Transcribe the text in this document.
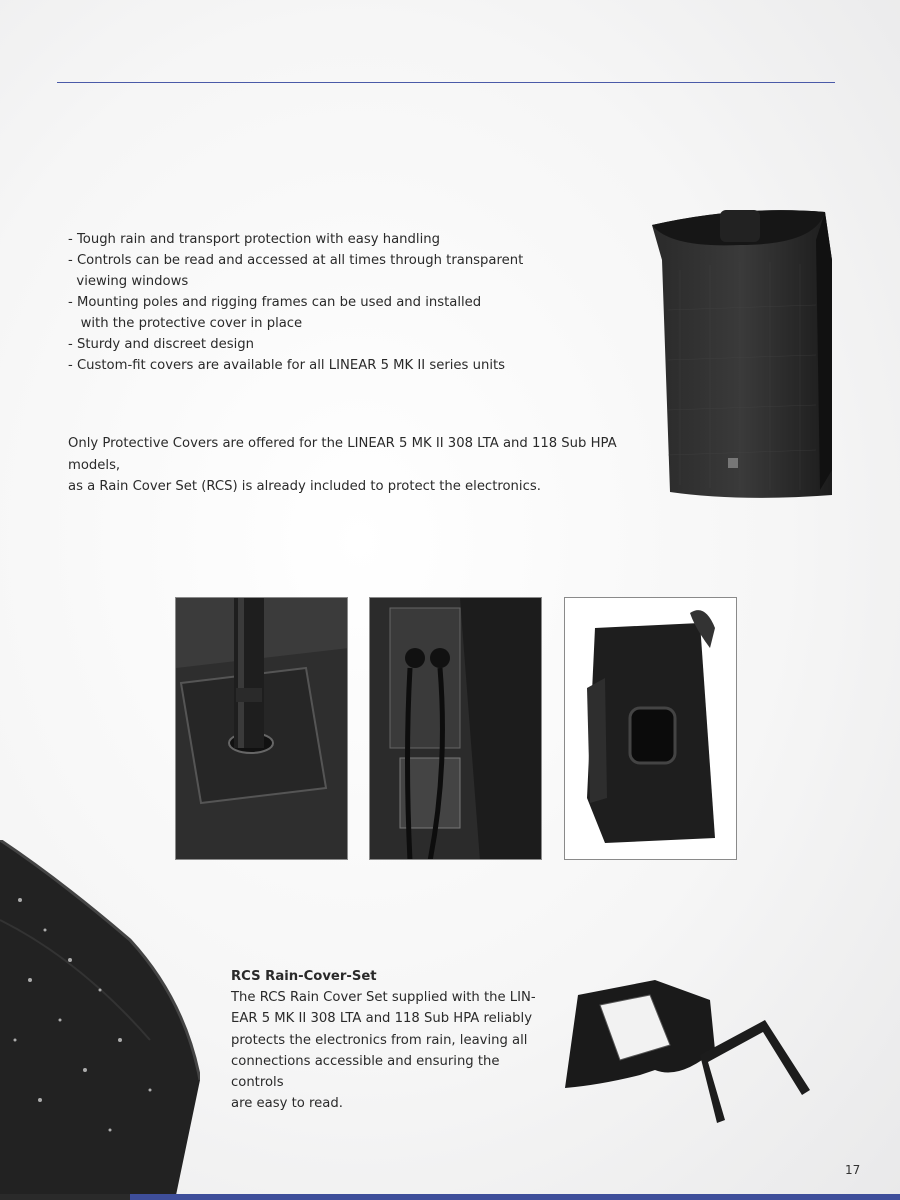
- Tough rain and transport protection with easy handling
- Controls can be read and accessed at all times through transparent
viewing windows
- Mounting poles and rigging frames can be used and installed
with the protective cover in place
- Sturdy and discreet design
- Custom-fit covers are available for all LINEAR 5 MK II series units

Only Protective Covers are offered for the LINEAR 5 MK II 308 LTA and 118 Sub HPA models,
as a Rain Cover Set (RCS) is already included to protect the electronics.

RCS Rain-Cover-Set

The RCS Rain Cover Set supplied with the LIN-
EAR 5 MK II 308 LTA and 118 Sub HPA reliably
protects the electronics from rain, leaving all
connections accessible and ensuring the controls
are easy to read.

17
